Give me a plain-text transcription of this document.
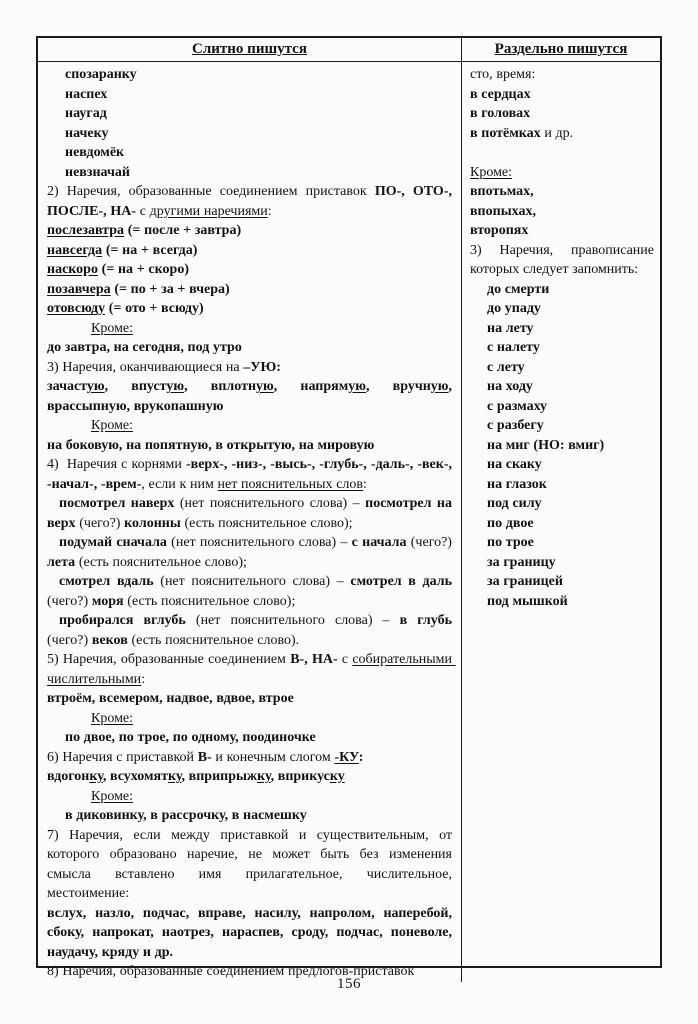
Слитно пишутся	Раздельно пишутся
спозаранку
наспех
наугад
начеку
невдомёк
невзначай
2) Наречия, образованные соединением приставок ПО-, ОТО-, ПОСЛЕ-, НА- с другими наречиями:
послезавтра (= после + завтра)
навсегда (= на + всегда)
наскоро (= на + скоро)
позавчера (= по + за + вчера)
отовсюду (= ото + всюду)
Кроме:
до завтра, на сегодня, под утро
3) Наречия, оканчивающиеся на –УЮ:
зачастую, впустую, вплотную, напрямую, вручную, врассыпную, врукопашную
Кроме:
на боковую, на попятную, в открытую, на мировую
4)  Наречия с корнями -верх-, -низ-, -высь-, -глубь-, -даль-, -век-, -начал-, -врем-, если к ним нет пояснительных слов:
посмотрел наверх (нет пояснительного слова) – посмотрел на верх (чего?) колонны (есть пояснительное слово);
подумай сначала (нет пояснительного слова) – с начала (чего?) лета (есть пояснительное слово);
смотрел вдаль (нет пояснительного слова) – смотрел в даль (чего?) моря (есть пояснительное слово);
пробирался вглубь (нет пояснительного слова) – в глубь (чего?) веков (есть пояснительное слово).
5) Наречия, образованные соединением В-, НА- с собирательными числительными:
втроём, всемером, надвое, вдвое, втрое
Кроме:
по двое, по трое, по одному, поодиночке
6) Наречия с приставкой В- и конечным слогом -КУ:
вдогонку, всухомятку, вприпрыжку, вприкуску
Кроме:
в диковинку, в рассрочку, в насмешку
7) Наречия, если между приставкой и существительным, от которого образовано наречие, не может быть без изменения смысла вставлено имя прилагательное, числительное, местоимение:
вслух, назло, подчас, вправе, насилу, напролом, наперебой, сбоку, напрокат, наотрез, нараспев, сроду, подчас, поневоле, наудачу, кряду и др.
8) Наречия, образованные соединением предлогов-приставок
сто, время:
в сердцах
в головах
в потёмках и др.
Кроме:
впотьмах,
впопыхах,
второпях
3) Наречия, правописание которых следует запомнить:
до смерти
до упаду
на лету
с налету
с лету
на ходу
с размаху
с разбегу
на миг (НО: вмиг)
на скаку
на глазок
под силу
по двое
по трое
за границу
за границей
под мышкой
156
